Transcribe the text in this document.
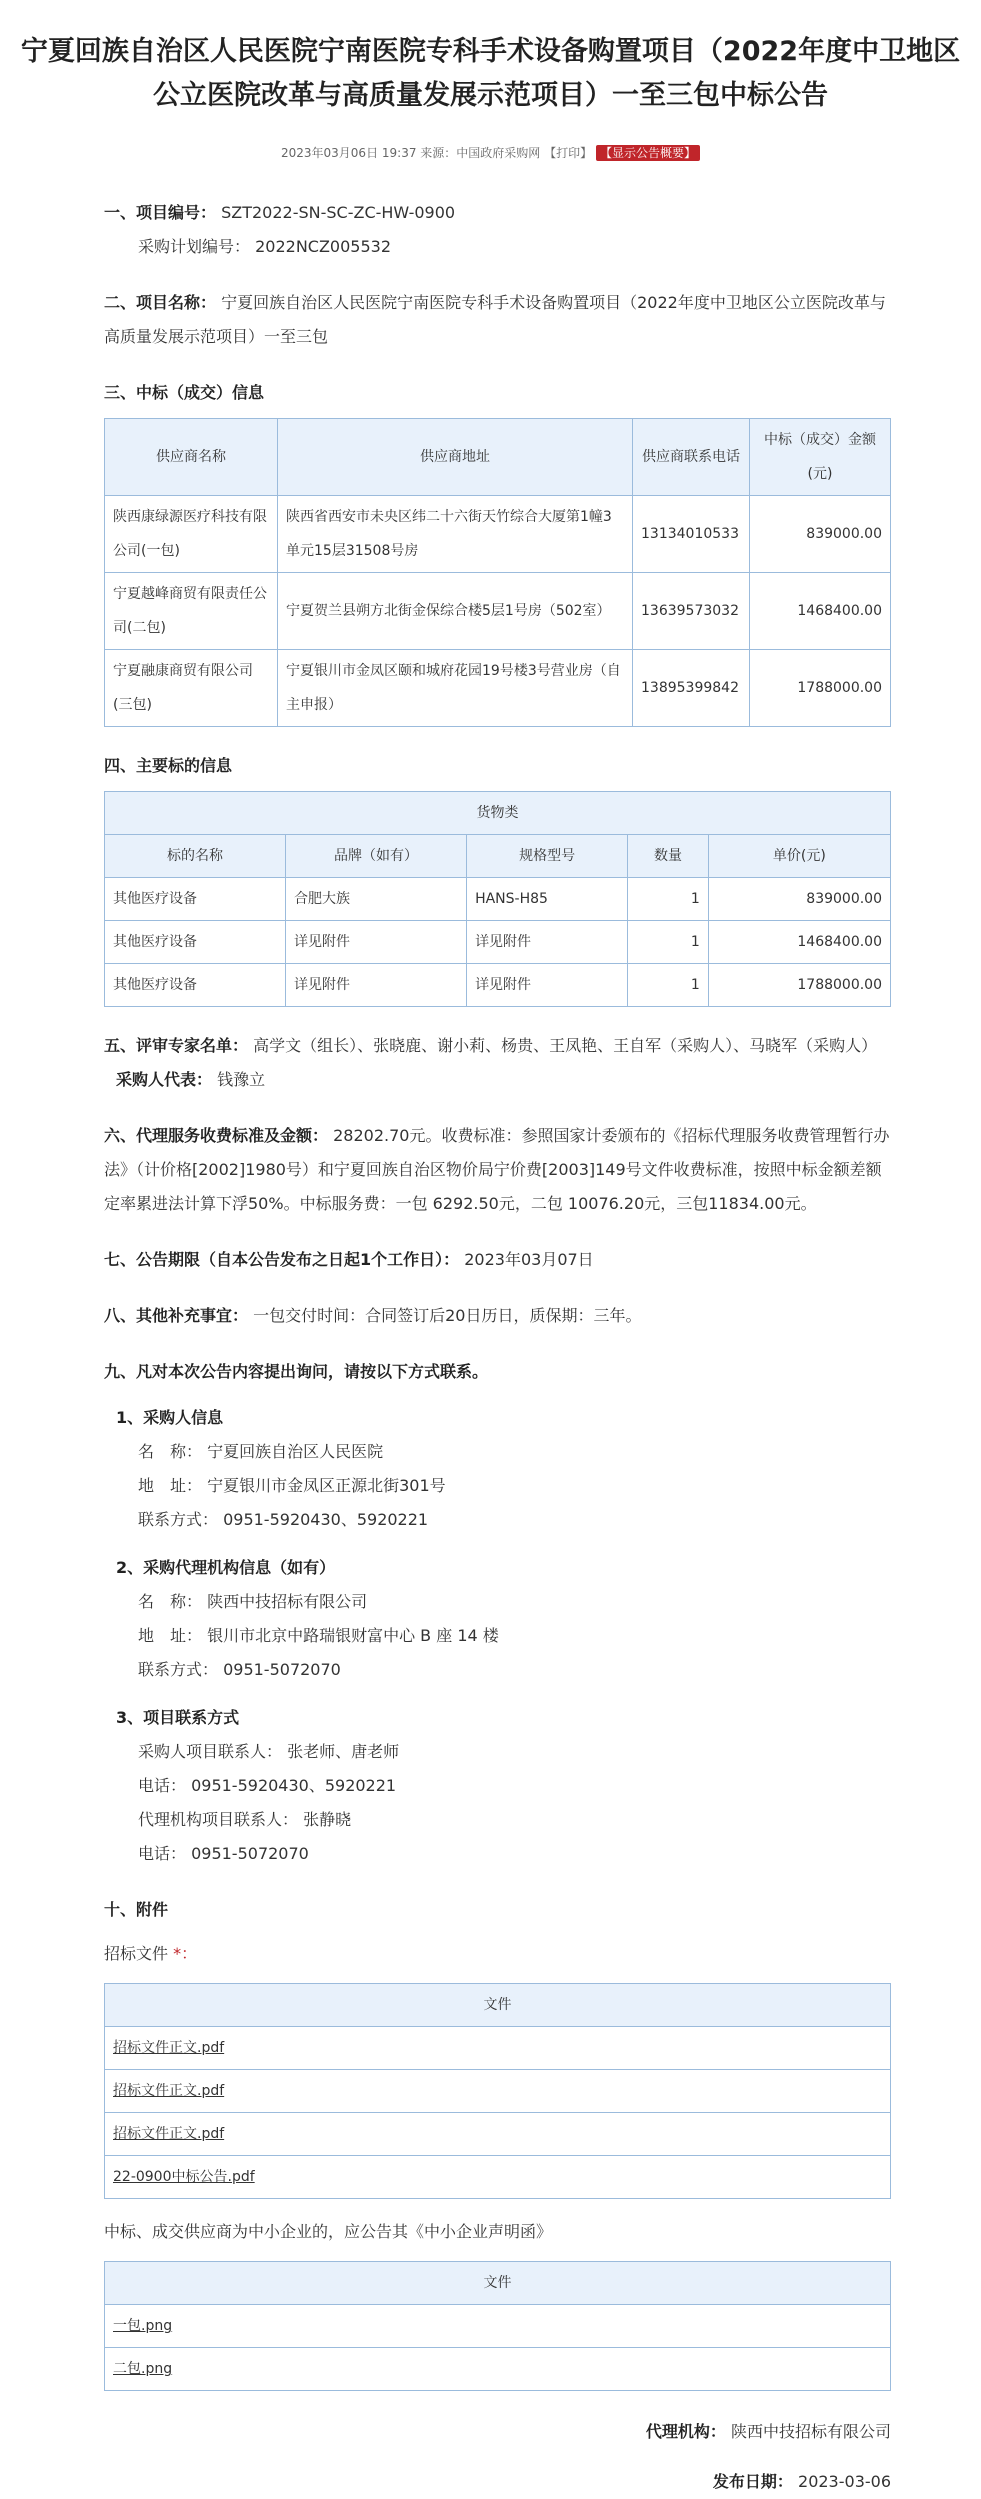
宁夏回族自治区人民医院宁南医院专科手术设备购置项目（2022年度中卫地区公立医院改革与高质量发展示范项目）一至三包中标公告
2023年03月06日 19:37 来源：中国政府采购网 【打印】 【显示公告概要】

一、项目编号： SZT2022-SN-SC-ZC-HW-0900

采购计划编号： 2022NCZ005532

二、项目名称： 宁夏回族自治区人民医院宁南医院专科手术设备购置项目（2022年度中卫地区公立医院改革与高质量发展示范项目）一至三包

三、中标（成交）信息

供应商名称	供应商地址	供应商联系电话	中标（成交）金额(元)
陕西康绿源医疗科技有限公司(一包)	陕西省西安市未央区纬二十六街天竹综合大厦第1幢3单元15层31508号房	13134010533	839000.00
宁夏越峰商贸有限责任公司(二包)	宁夏贺兰县朔方北街金保综合楼5层1号房（502室）	13639573032	1468400.00
宁夏融康商贸有限公司(三包)	宁夏银川市金凤区颐和城府花园19号楼3号营业房（自主申报）	13895399842	1788000.00

四、主要标的信息

货物类				
标的名称	品牌（如有）	规格型号	数量	单价(元)
其他医疗设备	合肥大族	HANS-H85	1	839000.00
其他医疗设备	详见附件	详见附件	1	1468400.00
其他医疗设备	详见附件	详见附件	1	1788000.00

五、评审专家名单： 高学文（组长）、张晓鹿、谢小莉、杨贵、王凤艳、王自军（采购人）、马晓军（采购人）

采购人代表： 钱豫立

六、代理服务收费标准及金额： 28202.70元。收费标准：参照国家计委颁布的《招标代理服务收费管理暂行办法》（计价格[2002]1980号）和宁夏回族自治区物价局宁价费[2003]149号文件收费标准，按照中标金额差额定率累进法计算下浮50%。中标服务费：一包 6292.50元，二包 10076.20元，三包11834.00元。

七、公告期限（自本公告发布之日起1个工作日）： 2023年03月07日

八、其他补充事宜： 一包交付时间：合同签订后20日历日，质保期：三年。

九、凡对本次公告内容提出询问，请按以下方式联系。

1、采购人信息

名　称： 宁夏回族自治区人民医院

地　址： 宁夏银川市金凤区正源北街301号

联系方式： 0951-5920430、5920221

2、采购代理机构信息（如有）

名　称： 陕西中技招标有限公司

地　址： 银川市北京中路瑞银财富中心 B 座 14 楼

联系方式： 0951-5072070

3、项目联系方式

采购人项目联系人： 张老师、唐老师

电话： 0951-5920430、5920221

代理机构项目联系人： 张静晓

电话： 0951-5072070

十、附件

招标文件 *：

文件
招标文件正文.pdf
招标文件正文.pdf
招标文件正文.pdf
22-0900中标公告.pdf

中标、成交供应商为中小企业的，应公告其《中小企业声明函》

文件
一包.png
二包.png

代理机构： 陕西中技招标有限公司

发布日期： 2023-03-06
